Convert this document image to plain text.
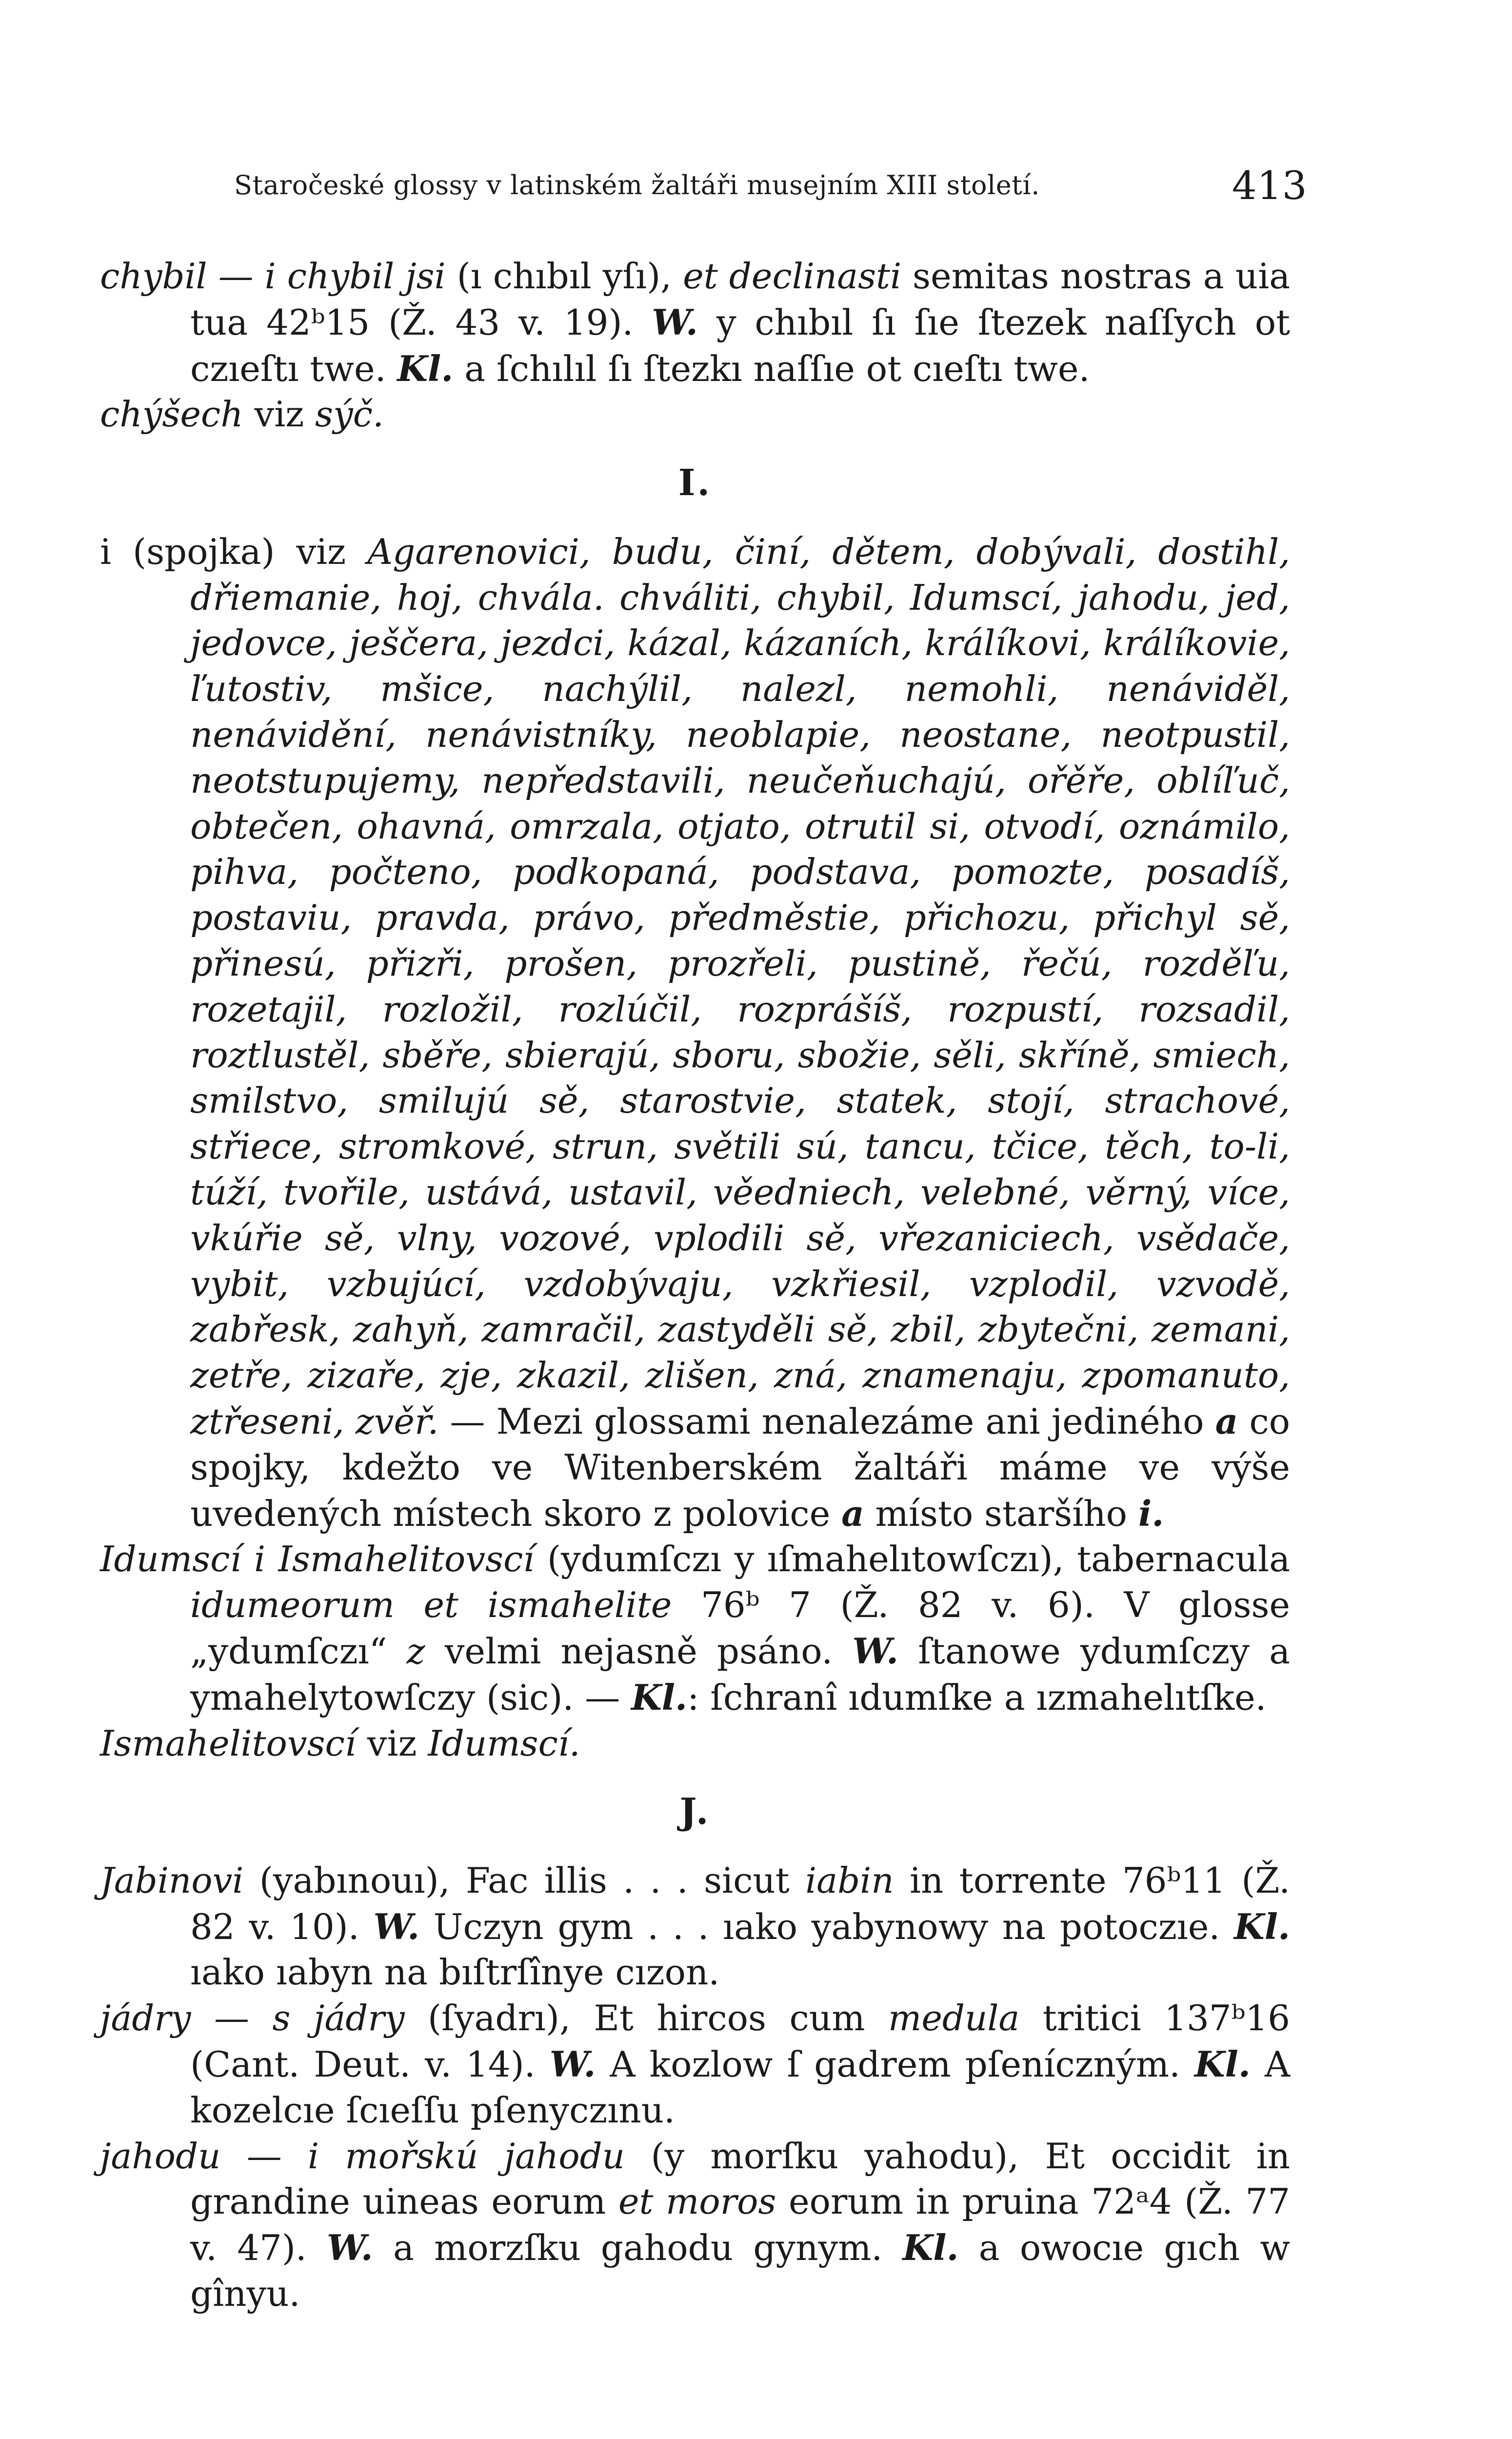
Staročeské glossy v latinském žaltáři musejním XIII století.	413

chybil — i chybil jsi (ı chıbıl yſı), et declinasti semitas nostras a uia tua 42ᵇ15 (Ž. 43 v. 19). W. y chıbıl ſı ſıe ſtezek naſſych ot czıeſtı twe. Kl. a ſchılıl ſı ſtezkı naſſıe ot cıeſtı twe.

chýšech viz sýč.

I.

i (spojka) viz Agarenovici, budu, činí, dětem, dobývali, dostihl, dřiemanie, hoj, chvála. chváliti, chybil, Idumscí, jahodu, jed, jedovce, ješčera, jezdci, kázal, kázaních, králíkovi, králíkovie, ľutostiv, mšice, nachýlil, nalezl, nemohli, nenáviděl, nenávidění, nenávistníky, neoblapie, neostane, neotpustil, neotstupujemy, nepředstavili, neučeňuchajú, ořěře, oblíľuč, obtečen, ohavná, omrzala, otjato, otrutil si, otvodí, oznámilo, pihva, počteno, podkopaná, podstava, pomozte, posadíš, postaviu, pravda, právo, předměstie, přichozu, přichyl sě, přinesú, přizři, prošen, prozřeli, pustině, řečú, rozděľu, rozetajil, rozložil, rozlúčil, rozprášíš, rozpustí, rozsadil, roztlustěl, sběře, sbierajú, sboru, sbožie, sěli, skříně, smiech, smilstvo, smilujú sě, starostvie, statek, stojí, strachové, střiece, stromkové, strun, světili sú, tancu, tčice, těch, to-li, túží, tvořile, ustává, ustavil, věedniech, velebné, věrný, více, vkúřie sě, vlny, vozové, vplodili sě, vřezaniciech, vsědače, vybit, vzbujúcí, vzdobývaju, vzkřiesil, vzplodil, vzvodě, zabřesk, zahyň, zamračil, zastyděli sě, zbil, zbytečni, zemani, zetře, zizaře, zje, zkazil, zlišen, zná, znamenaju, zpomanuto, ztřeseni, zvěř. — Mezi glossami nenalezáme ani jediného a co spojky, kdežto ve Witenberském žaltáři máme ve výše uvedených místech skoro z polovice a místo staršího i.

Idumscí i Ismahelitovscí (ydumſczı y ıſmahelıtowſczı), tabernacula idumeorum et ismahelite 76ᵇ 7 (Ž. 82 v. 6). V glosse „ydumſczı“ z velmi nejasně psáno. W. ſtanowe ydumſczy a ymahelytowſczy (sic). — Kl.: ſchranî ıdumſke a ızmahelıtſke.

Ismahelitovscí viz Idumscí.

J.

Jabinovi (yabınouı), Fac illis . . . sicut iabin in torrente 76ᵇ11 (Ž. 82 v. 10). W. Uczyn gym . . . ıako yabynowy na potoczıe. Kl. ıako ıabyn na bıſtrſînye cızon.

jádry — s jádry (ſyadrı), Et hircos cum medula tritici 137ᵇ16 (Cant. Deut. v. 14). W. A kozlow ſ gadrem pſeníczným. Kl. A kozelcıe ſcıeſſu pſenyczınu.

jahodu — i mořskú jahodu (y morſku yahodu), Et occidit in grandine uineas eorum et moros eorum in pruina 72ᵃ4 (Ž. 77 v. 47). W. a morzſku gahodu gynym. Kl. a owocıe gıch w gînyu.
